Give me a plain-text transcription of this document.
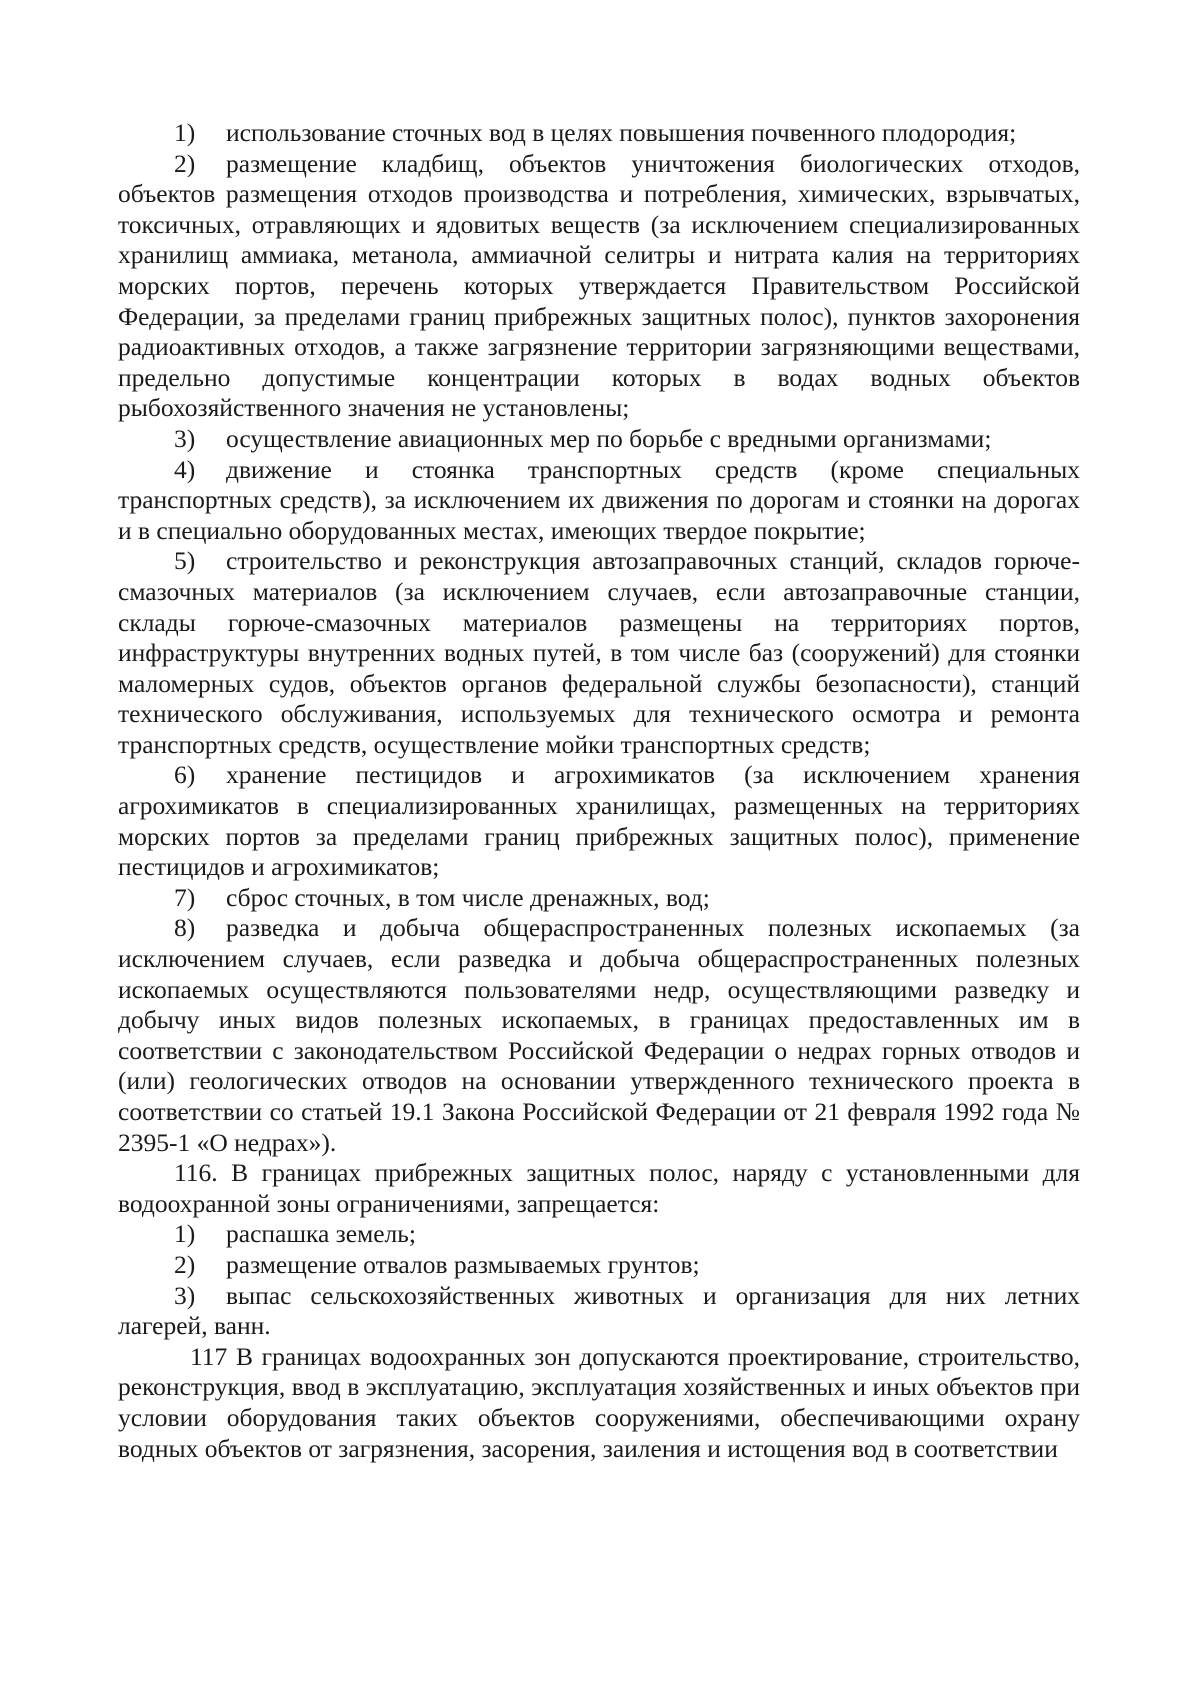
1) использование сточных вод в целях повышения почвенного плодородия;

2) размещение кладбищ, объектов уничтожения биологических отходов, объектов размещения отходов производства и потребления, химических, взрывчатых, токсичных, отравляющих и ядовитых веществ (за исключением специализированных хранилищ аммиака, метанола, аммиачной селитры и нитрата калия на территориях морских портов, перечень которых утверждается Правительством Российской Федерации, за пределами границ прибрежных защитных полос), пунктов захоронения радиоактивных отходов, а также загрязнение территории загрязняющими веществами, предельно допустимые концентрации которых в водах водных объектов рыбохозяйственного значения не установлены;

3) осуществление авиационных мер по борьбе с вредными организмами;

4) движение и стоянка транспортных средств (кроме специальных транспортных средств), за исключением их движения по дорогам и стоянки на дорогах и в специально оборудованных местах, имеющих твердое покрытие;

5) строительство и реконструкция автозаправочных станций, складов горюче-смазочных материалов (за исключением случаев, если автозаправочные станции, склады горюче-смазочных материалов размещены на территориях портов, инфраструктуры внутренних водных путей, в том числе баз (сооружений) для стоянки маломерных судов, объектов органов федеральной службы безопасности), станций технического обслуживания, используемых для технического осмотра и ремонта транспортных средств, осуществление мойки транспортных средств;

6) хранение пестицидов и агрохимикатов (за исключением хранения агрохимикатов в специализированных хранилищах, размещенных на территориях морских портов за пределами границ прибрежных защитных полос), применение пестицидов и агрохимикатов;

7) сброс сточных, в том числе дренажных, вод;

8) разведка и добыча общераспространенных полезных ископаемых (за исключением случаев, если разведка и добыча общераспространенных полезных ископаемых осуществляются пользователями недр, осуществляющими разведку и добычу иных видов полезных ископаемых, в границах предоставленных им в соответствии с законодательством Российской Федерации о недрах горных отводов и (или) геологических отводов на основании утвержденного технического проекта в соответствии со статьей 19.1 Закона Российской Федерации от 21 февраля 1992 года № 2395-1 «О недрах»).

116. В границах прибрежных защитных полос, наряду с установленными для водоохранной зоны ограничениями, запрещается:

1) распашка земель;

2) размещение отвалов размываемых грунтов;

3) выпас сельскохозяйственных животных и организация для них летних лагерей, ванн.

117 В границах водоохранных зон допускаются проектирование, строительство, реконструкция, ввод в эксплуатацию, эксплуатация хозяйственных и иных объектов при условии оборудования таких объектов сооружениями, обеспечивающими охрану водных объектов от загрязнения, засорения, заиления и истощения вод в соответствии
